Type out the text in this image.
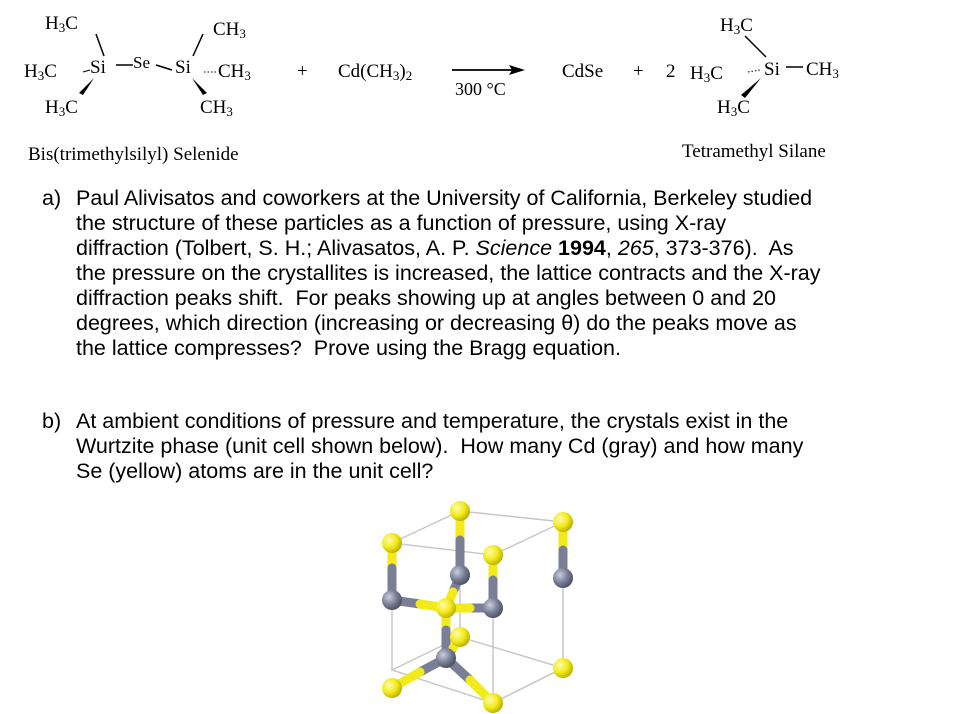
$H_3C$	$CH_3$
$H_3C$ Si Se Si $CH_3$
$H_3C$	$CH_3$
+ $Cd(CH_3)_2$
300 °C
CdSe + 2
$H_3C$
$H_3C$ Si $CH_3$
$H_3C$
Bis(trimethylsilyl) Selenide	Tetramethyl Silane
a) Paul Alivisatos and coworkers at the University of California, Berkeley studied
the structure of these particles as a function of pressure, using X-ray
diffraction (Tolbert, S. H.; Alivasatos, A. P. Science 1994, 265, 373-376).  As
the pressure on the crystallites is increased, the lattice contracts and the X-ray
diffraction peaks shift.  For peaks showing up at angles between 0 and 20
degrees, which direction (increasing or decreasing θ) do the peaks move as
the lattice compresses?  Prove using the Bragg equation.
b) At ambient conditions of pressure and temperature, the crystals exist in the
Wurtzite phase (unit cell shown below).  How many Cd (gray) and how many
Se (yellow) atoms are in the unit cell?
